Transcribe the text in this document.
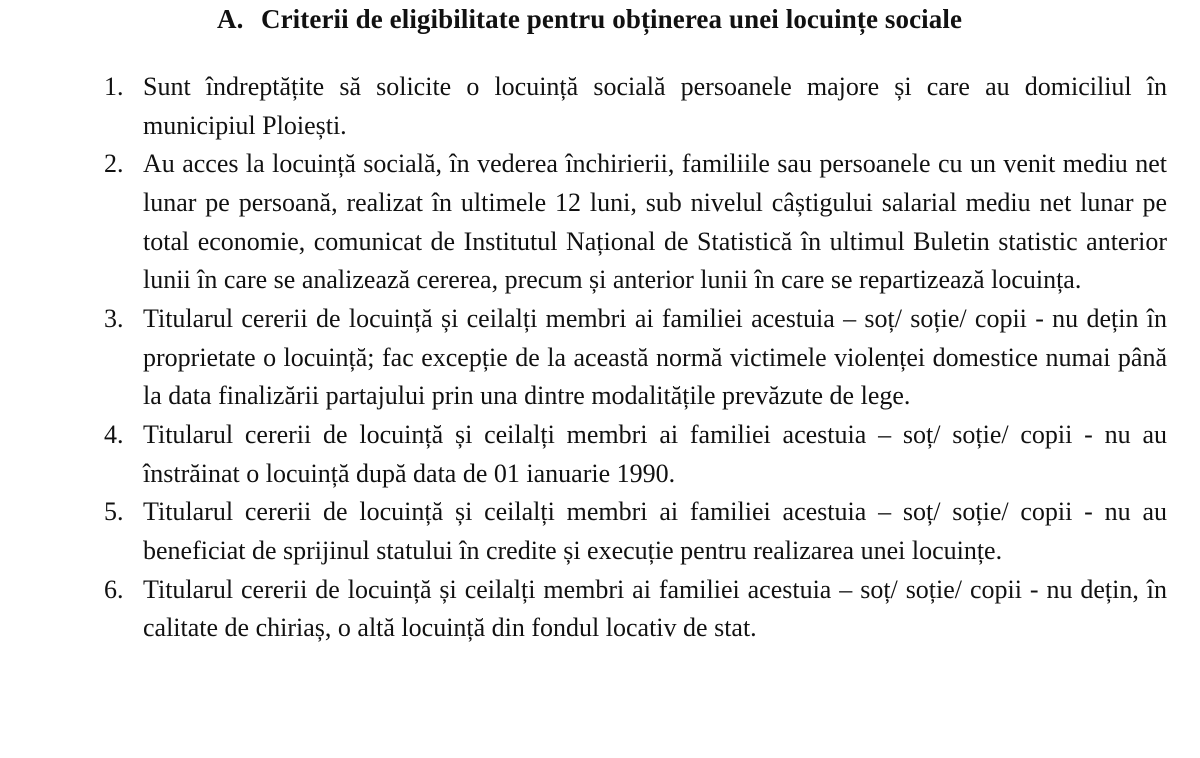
A. Criterii de eligibilitate pentru obținerea unei locuințe sociale
1. Sunt îndreptățite să solicite o locuință socială persoanele majore și care au domiciliul în municipiul Ploiești.
2. Au acces la locuință socială, în vederea închirierii, familiile sau persoanele cu un venit mediu net lunar pe persoană, realizat în ultimele 12 luni, sub nivelul câștigului salarial mediu net lunar pe total economie, comunicat de Institutul Național de Statistică în ultimul Buletin statistic anterior lunii în care se analizează cererea, precum și anterior lunii în care se repartizează locuința.
3. Titularul cererii de locuință și ceilalți membri ai familiei acestuia – soț/ soție/ copii - nu dețin în proprietate o locuință; fac excepție de la această normă victimele violenței domestice numai până la data finalizării partajului prin una dintre modalitățile prevăzute de lege.
4. Titularul cererii de locuință și ceilalți membri ai familiei acestuia – soț/ soție/ copii - nu au înstrăinat o locuință după data de 01 ianuarie 1990.
5. Titularul cererii de locuință și ceilalți membri ai familiei acestuia – soț/ soție/ copii - nu au beneficiat de sprijinul statului în credite și execuție pentru realizarea unei locuințe.
6. Titularul cererii de locuință și ceilalți membri ai familiei acestuia – soț/ soție/ copii - nu dețin, în calitate de chiriaș, o altă locuință din fondul locativ de stat.
